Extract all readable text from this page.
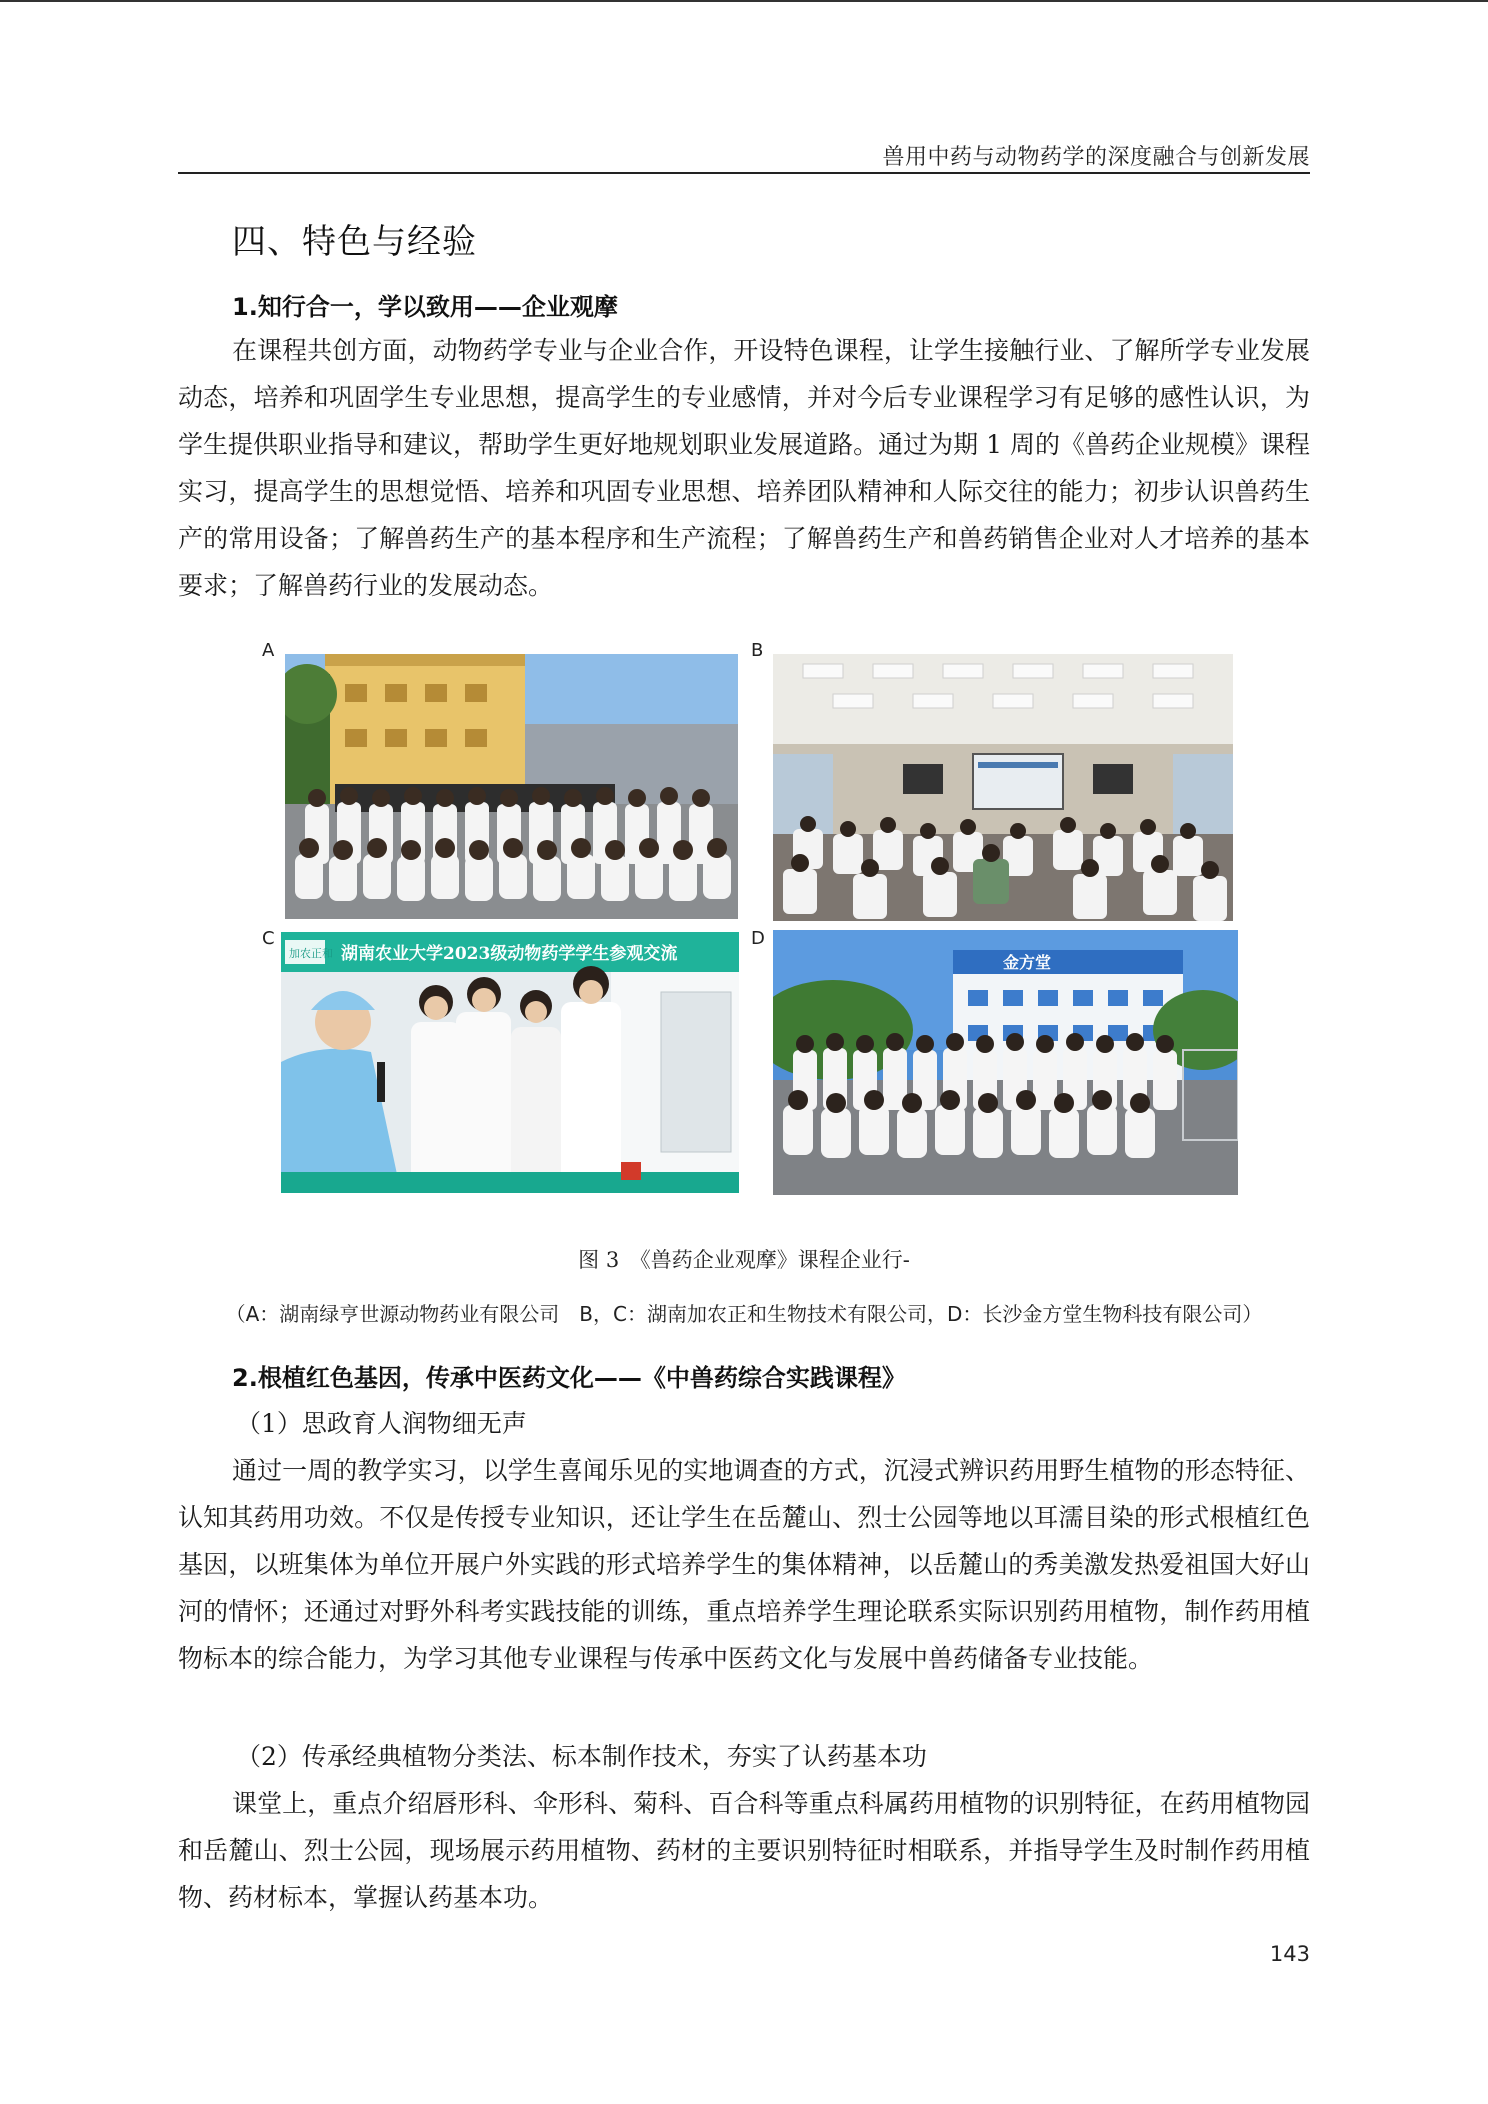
兽用中药与动物药学的深度融合与创新发展
四、特色与经验
1.知行合一，学以致用——企业观摩

在课程共创方面，动物药学专业与企业合作，开设特色课程，让学生接触行业、了解所学专业发展动态，培养和巩固学生专业思想，提高学生的专业感情，并对今后专业课程学习有足够的感性认识，为学生提供职业指导和建议，帮助学生更好地规划职业发展道路。通过为期 1 周的《兽药企业规模》课程实习，提高学生的思想觉悟、培养和巩固专业思想、培养团队精神和人际交往的能力；初步认识兽药生产的常用设备；了解兽药生产的基本程序和生产流程；了解兽药生产和兽药销售企业对人才培养的基本要求；了解兽药行业的发展动态。

A	B
C	D
加农正和 湖南农业大学2023级动物药学学生参观交流	金方堂
图 3　《兽药企业观摩》课程企业行-
（A：湖南绿亨世源动物药业有限公司　B，C：湖南加农正和生物技术有限公司，D：长沙金方堂生物科技有限公司）
2.根植红色基因，传承中医药文化——《中兽药综合实践课程》
（1）思政育人润物细无声

通过一周的教学实习，以学生喜闻乐见的实地调查的方式，沉浸式辨识药用野生植物的形态特征、认知其药用功效。不仅是传授专业知识，还让学生在岳麓山、烈士公园等地以耳濡目染的形式根植红色基因，以班集体为单位开展户外实践的形式培养学生的集体精神，以岳麓山的秀美激发热爱祖国大好山河的情怀；还通过对野外科考实践技能的训练，重点培养学生理论联系实际识别药用植物，制作药用植物标本的综合能力，为学习其他专业课程与传承中医药文化与发展中兽药储备专业技能。

（2）传承经典植物分类法、标本制作技术，夯实了认药基本功

课堂上，重点介绍唇形科、伞形科、菊科、百合科等重点科属药用植物的识别特征，在药用植物园和岳麓山、烈士公园，现场展示药用植物、药材的主要识别特征时相联系，并指导学生及时制作药用植物、药材标本，掌握认药基本功。

143
